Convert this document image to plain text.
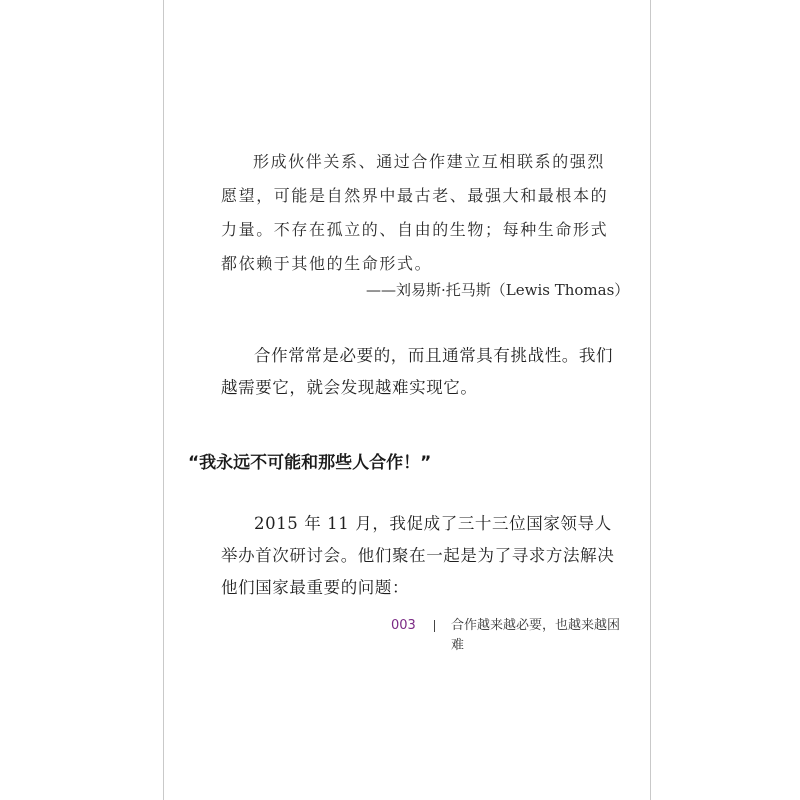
形成伙伴关系、通过合作建立互相联系的强烈愿望，可能是自然界中最古老、最强大和最根本的力量。不存在孤立的、自由的生物；每种生命形式都依赖于其他的生命形式。

——刘易斯·托马斯（Lewis Thomas）

合作常常是必要的，而且通常具有挑战性。我们越需要它，就会发现越难实现它。

“我永远不可能和那些人合作！”

2015 年 11 月，我促成了三十三位国家领导人举办首次研讨会。他们聚在一起是为了寻求方法解决他们国家最重要的问题：

003	合作越来越必要，也越来越困难
